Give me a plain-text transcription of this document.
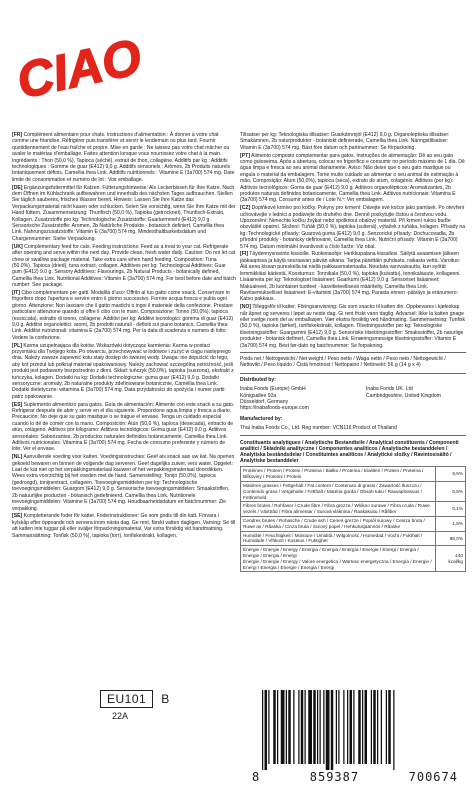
CIAO
[FR] Complément alimentaire pour chats. Instructions d'alimentation : À donner à votre chat comme une friandise. Réfrigérer puis transférer et servir le lendemain ou plus tard. Fournir quotidiennement de l'eau fraîche et propre. Mise en garde : Ne laissez pas votre chat mâcher ou avaler le matériau d'emballage. Faites attention lorsque vous nourrissez votre chat à la main. Ingrédients : Thon (50,0 %), Tapioca (séché), extrait de thon, collagène. Additifs par kg : Additifs technologiques : Gomme de guar (E412) 9,0 g. Additifs sensoriels : Arômes, 2b Produits naturels botaniquement définis, Camellia thea Link. Additifs nutritionnels : Vitamine E (3a700) 574 mg. Date limite de consommation et numéro de lot : Voir emballage.
[DE] Ergänzungsfuttermittel für Katzen. Fütterungshinweise: Als Leckerbissen für Ihre Katze. Nach dem Öffnen im Kühlschrank aufbewahren und innerhalb des nächsten Tages aufbrauchen. Stellen Sie täglich sauberes, frisches Wasser bereit. Hinweis: Lassen Sie Ihre Katze das Verpackungsmaterial nicht kauen oder schlucken. Seien Sie vorsichtig, wenn Sie Ihre Katze mit der Hand füttern. Zusammensetzung: Thunfisch (50,0 %), Tapioka (getrocknet), Thunfisch-Extrakt, Kollagen. Zusatzstoffe pro kg: Technologische Zusatzstoffe: Guarkernmehl (E412) 9,0 g. Sensorische Zusatzstoffe: Aromen, 2b Natürliche Produkte - botanisch definiert, Camellia thea Link. Nahrungszusatzstoffe: Vitamin E (3a700) 574 mg. Mindesthaltbarkeitsdatum und Chargennummer: Siehe Verpackung.
[UK] Complementary feed for cats. Feeding instructions: Feed as a treat to your cat. Refrigerate after opening and serve within the next day. Provide clean, fresh water daily. Caution: Do not let cat chew or swallow package material. Take extra care when hand feeding. Composition: Tuna (50.0%), Tapioca (dried), tuna extract, collagen. Additives per kg: Technological Additives: Guar gum (E412) 9.0 g. Sensory Additives: Flavourings, 2b Natural Products - botanically defined, Camellia thea Link. Nutritional Additives: Vitamin E (3a700) 574 mg. For best before date and batch number: See package.
[IT] Cibo complementare per gatti. Modalità d'uso: Offrilo al tuo gatto come snack. Conservare in frigorifero dopo l'apertura e servire entro il giorno successivo. Fornire acqua fresca e pulita ogni giorno. Attenzione: Non lasciare che il gatto mastichi o ingoi il materiale della confezione. Prestare particolare attenzione quando si offre il cibo con le mani. Composizione: Tonno (50,0%), tapioca (essiccata), estratto di tonno, collagene. Additivi per kg: Additivi tecnologici: gomma di guar (E412) 9,0 g. Additivi organolettici: aromi, 2b prodotti naturali - definiti sul piano botanico, Camellia thea Link. Additivi nutrizionali: vitamina E (3a700) 574 mg. Per la data di scadenza e numero di lotto: Vedere la confezione.
[PL] Karma uzupełniająca dla kotów. Wskazówki dotyczące karmienia: Karma w postaci przysmaku dla Twojego kota. Po otwarciu, przechowywać w lodówce i zużyć w ciągu następnego dnia. Należy zawsze zapewnić kotu stały dostęp do świeżej wody. Uwaga: nie dopuścić do tego, aby kot przeżuł lub połknął materiał opakowaniowy. Należy zachować szczególną ostrożność, jeśli produkt jest podawany bezpośrednio z dłoni. Skład: tuńczyk (50,0%), tapioka (suszona), ekstrakt z tuńczyka, kolagen. Dodatki na kg: Dodatki technologiczne: guma guar (E412) 9,0 g. Dodatki sensoryczne: aromaty, 2b naturalne produkty zdefiniowane botanicznie, Camellia thea Link. Dodatki dietetyczne: witamina E (3a700) 574 mg. Data przydatności do spożycia i numer partii: patrz opakowanie.
[ES] Suplemento alimenticio para gatos. Guía de alimentación: Alimente con este snack a su gato. Refrigerar después de abrir y servir en el día siguiente. Proporcione agua limpia y fresca a diario. Precaución: No deje que su gato mastique o se trague el envase. Tenga un cuidado especial cuando lo dé de comer con la mano. Composición: Atún (50,0 %), tapioca (desecada), extracto de atún, colágeno. Aditivos por kilogramo: Aditivos tecnológicos: Goma guar (E412) 9,0 g. Aditivos sensoriales: Saborizantes, 2b productos naturales definidos botánicamente, Camellia thea Link. Aditivos nutricionales: Vitamina E (3a700) 574 mg. Fecha de consumo preferente y número de lote: Ver el envase.
[NL] Aanvullende voeding voor katten. Voedingsinstructies: Geef als snack aan uw kat. Na openen gekoeld bewaren en binnen de volgende dag serveren. Geef dagelijks zuiver, vers water. Opgelet: Laat de kat niet op het verpakkingsmateriaal kauwen of het verpakkingsmateriaal doorslikken. Wees extra voorzichtig bij het voeden met de hand. Samenstelling: Tonijn (50,0%), tapioca (gedroogd), tonijnextract, collageen. Toevoegingsmiddelen per kg: Technologische toevoegingsmiddelen: Guargom (E412) 9,0 g. Sensorische toevoegingsmiddelen: Smaakstoffen, 2b natuurlijke producten - botanisch gedefinieerd, Camellia thea Link. Nutritionele toevoegingsmiddelen: Vitamine E (3a700) 574 mg. Houdbaarheidsdatum en batchnummer: Zie verpakking.
[SE] Kompletterande foder för katter. Foderinstruktioner: Ge som godis till din katt. Förvara i kylskåp efter öppnande och servera inom nästa dag. Ge rent, färskt vatten dagligen. Varning: Se till att katten inte tuggar på eller sväljer förpackningsmaterial. Var extra försiktig vid handmatning. Sammansättning: Tonfisk (50,0 %), tapioka (torr), tonfiskextrakt, kollagen.
Tillsatser per kg: Teknologiska tillsatser: Guarkärnmjöl (E412) 9,0 g. Organoleptiska tillsatser: Smakämnen, 2b naturprodukter - botaniskt definierade, Camellia thea Link. Näringstillsatser: Vitamin E (3a700) 574 mg. Bäst före datum och partinummer: Se förpackning.
[PT] Alimento composto complementar para gatos. Instruções de alimentação: Dê ao seu gato como guloseima. Após a abertura, colocar no frigorífico e consumir no período máximo de 1 dia. Dê água limpa e fresca ao seu animal diariamente. Aviso: Não deixe que o seu gato mastigue ou engula o material da embalagem. Tome muito cuidado ao alimentar o seu animal de estimação à mão. Composição: Atum (50,0%), tapioca (seca), extrato de atum, colagénio. Aditivos (por kg): Aditivos tecnológicos: Goma de guar (E412) 9,0 g. Aditivos organolépticos: Aromatizantes, 2b produtos naturais definidos botanicamente, Camellia thea Link. Aditivos nutricionais: Vitamina E (3a700) 574 mg. Consumir antes de / Lote N.º: Ver embalagem.
[CZ] Doplňkové krmivo pro kočky. Pokyny pro krmení: Dávejte své kočce jako pamlsek. Po otevření uchovávejte v lednici a podávejte do druhého dne. Denně poskytujte čistou a čerstvou vodu. Upozornění: Nenechte kočku žvýkat nebo spolknout obalový materiál. Při krmení rukou buďte obzvláště opatrní. Složení: Tuňák (50,0 %), tapioka (sušená), výtažek z tuňáka, kolagen. Přísady na kg: Technologické přísady: Guarová guma (E412) 9,0 g. Senzorické přísady: Dochucovadla, 2b přírodní produkty - botanicky definované, Camellia thea Link. Nutriční přísady: Vitamin E (3a700) 574 mg. Datum minimální trvanlivosti a číslo šarže: Viz obal.
[FI] Täydennysravinto kissoille. Ruokintaohje: Herkkupalana kissallesi. Säilytä avaamisen jälkeen jääkaapissa ja käytä seuraavan päivän aikana. Tarjoa päivittäin puhdasta, raikasta vettä. Varoitus: Älä anna kissan pureskella tai niellä pakkausmateriaalia. Noudata varovaisuutta, kun syötät lemmikkiäsi kädestä. Koostumus: Tonnikala (50,0 %), tapioka (kuivattu), tonnikalauute, kollageeni. Lisäaineita per kg: Teknologiset lisäaineet: Guarkumi (E412) 9,0 g. Sensoriset lisäaineet: Makuaineet, 2b luontaiset tuotteet - kasvitieteellisesti määritelty, Camellia thea Link. Ravitsemukselliset lisäaineet: E-vitamiini (3a700) 574 mg. Parasta ennen -päiväys ja eränumero: Katso pakkaus.
[NO] Tilleggsfôr til katter. Fôringsanvisning: Gis som snacks til katten din. Oppbevares i kjøleskap når åpnet og serveres i løpet av neste dag. Gi rent friskt vann daglig. Advarsel: Ikke la katten gnage eller svelge noen del av emballasjen. Vær ekstra forsiktig ved håndmating. Sammensetning: Tunfisk (50,0 %), tapioka (tørket), tunfiskekstrakt, kollagen. Tilsetningsstoffer per kg: Teknologiske tilsetningsstoffer: Guargummi (E412) 9,0 g. Sensoriske tilsetningsstoffer: Smaksstoffer, 2b naturlige produkter - botanisk definert, Camellia thea Link. Ernæringsmessige tilsetningsstoffer: Vitamin E (3a700) 574 mg. Best før-dato og batchnummer: Se forpakning.
Poids net / Nettogewicht / Net weight / Peso netto / Waga netto / Peso neto / Nettogewicht / Nettovikt / Peso líquido / Čistá hmotnost / Nettopaino / Nettovekt: 56 g (14 g x 4)
Distributed by:
Inaba Foods (Europe) GmbH
Königsallee 92a
Düsseldorf, Germany
https://inabafoods-europe.com
Inaba Foods UK. Ltd
Cambridgeshire, United Kingdom
Manufactured by:
Thai Inaba Foods Co., Ltd. Reg number: VCN116 Product of Thailand
Constituants analytiques / Analytische Bestandteile / Analytical constituents / Componenti analitici / Składniki analityczne / Componentes analíticos / Analytische bestanddelen / Analytiska beståndsdelar / Constituintes analíticos / Analytické složky / Ravintosisältö / Analytiske bestanddeler
Protéines / Protein / Protein / Proteina / Białko / Proteína / Eiwitten / Protein / Proteína / Bílkoviny / Proteiini / Protein	8,5%
Matières grasses / Fettgehalt / Fat content / Contenuto di grassi / Zawartość tłuszczu / Contenido graso / Vetgehalte / Fetthalt / Matéria gorda / Obsah tuku / Rasvapitoisuus / Fettinnhold	0,5%
Fibres brutes / Rohfaser / Crude fibre / Fibra grezza / Włókno surowe / Fibra cruda / Ruwe vezels / Växttråd / Fibra alimentar / Surová vláknina / Raakakuitu / Råfiber	0,1%
Cendres brutes / Rohasche / Crude ash / Ceneri grezze / Popiół surowy / Ceniza bruta / Ruwe as / Råaska / Cinza bruta / Surový popel / Hehkutusjäännös / Råaske	1,5%
Humidité / Feuchtigkeit / Moisture / Umidità / Wilgotność / Humedad / Vocht / Fukthalt / Humidade / Vlhkost / Kosteus / Fuktighet	88,0%
Énergie / Energie / Energy / Energia / Energia / Energía / Energie / Energi / Energia / Energie / Energia / Energi
Énergie / Energie / Energy / Valore energetico / Wartosc energetyczna / Energía / Energie / Energi / Energia / Energie / Energia / Energi	440
kcal/kg
EU101 B
22A
8	859387	700674
